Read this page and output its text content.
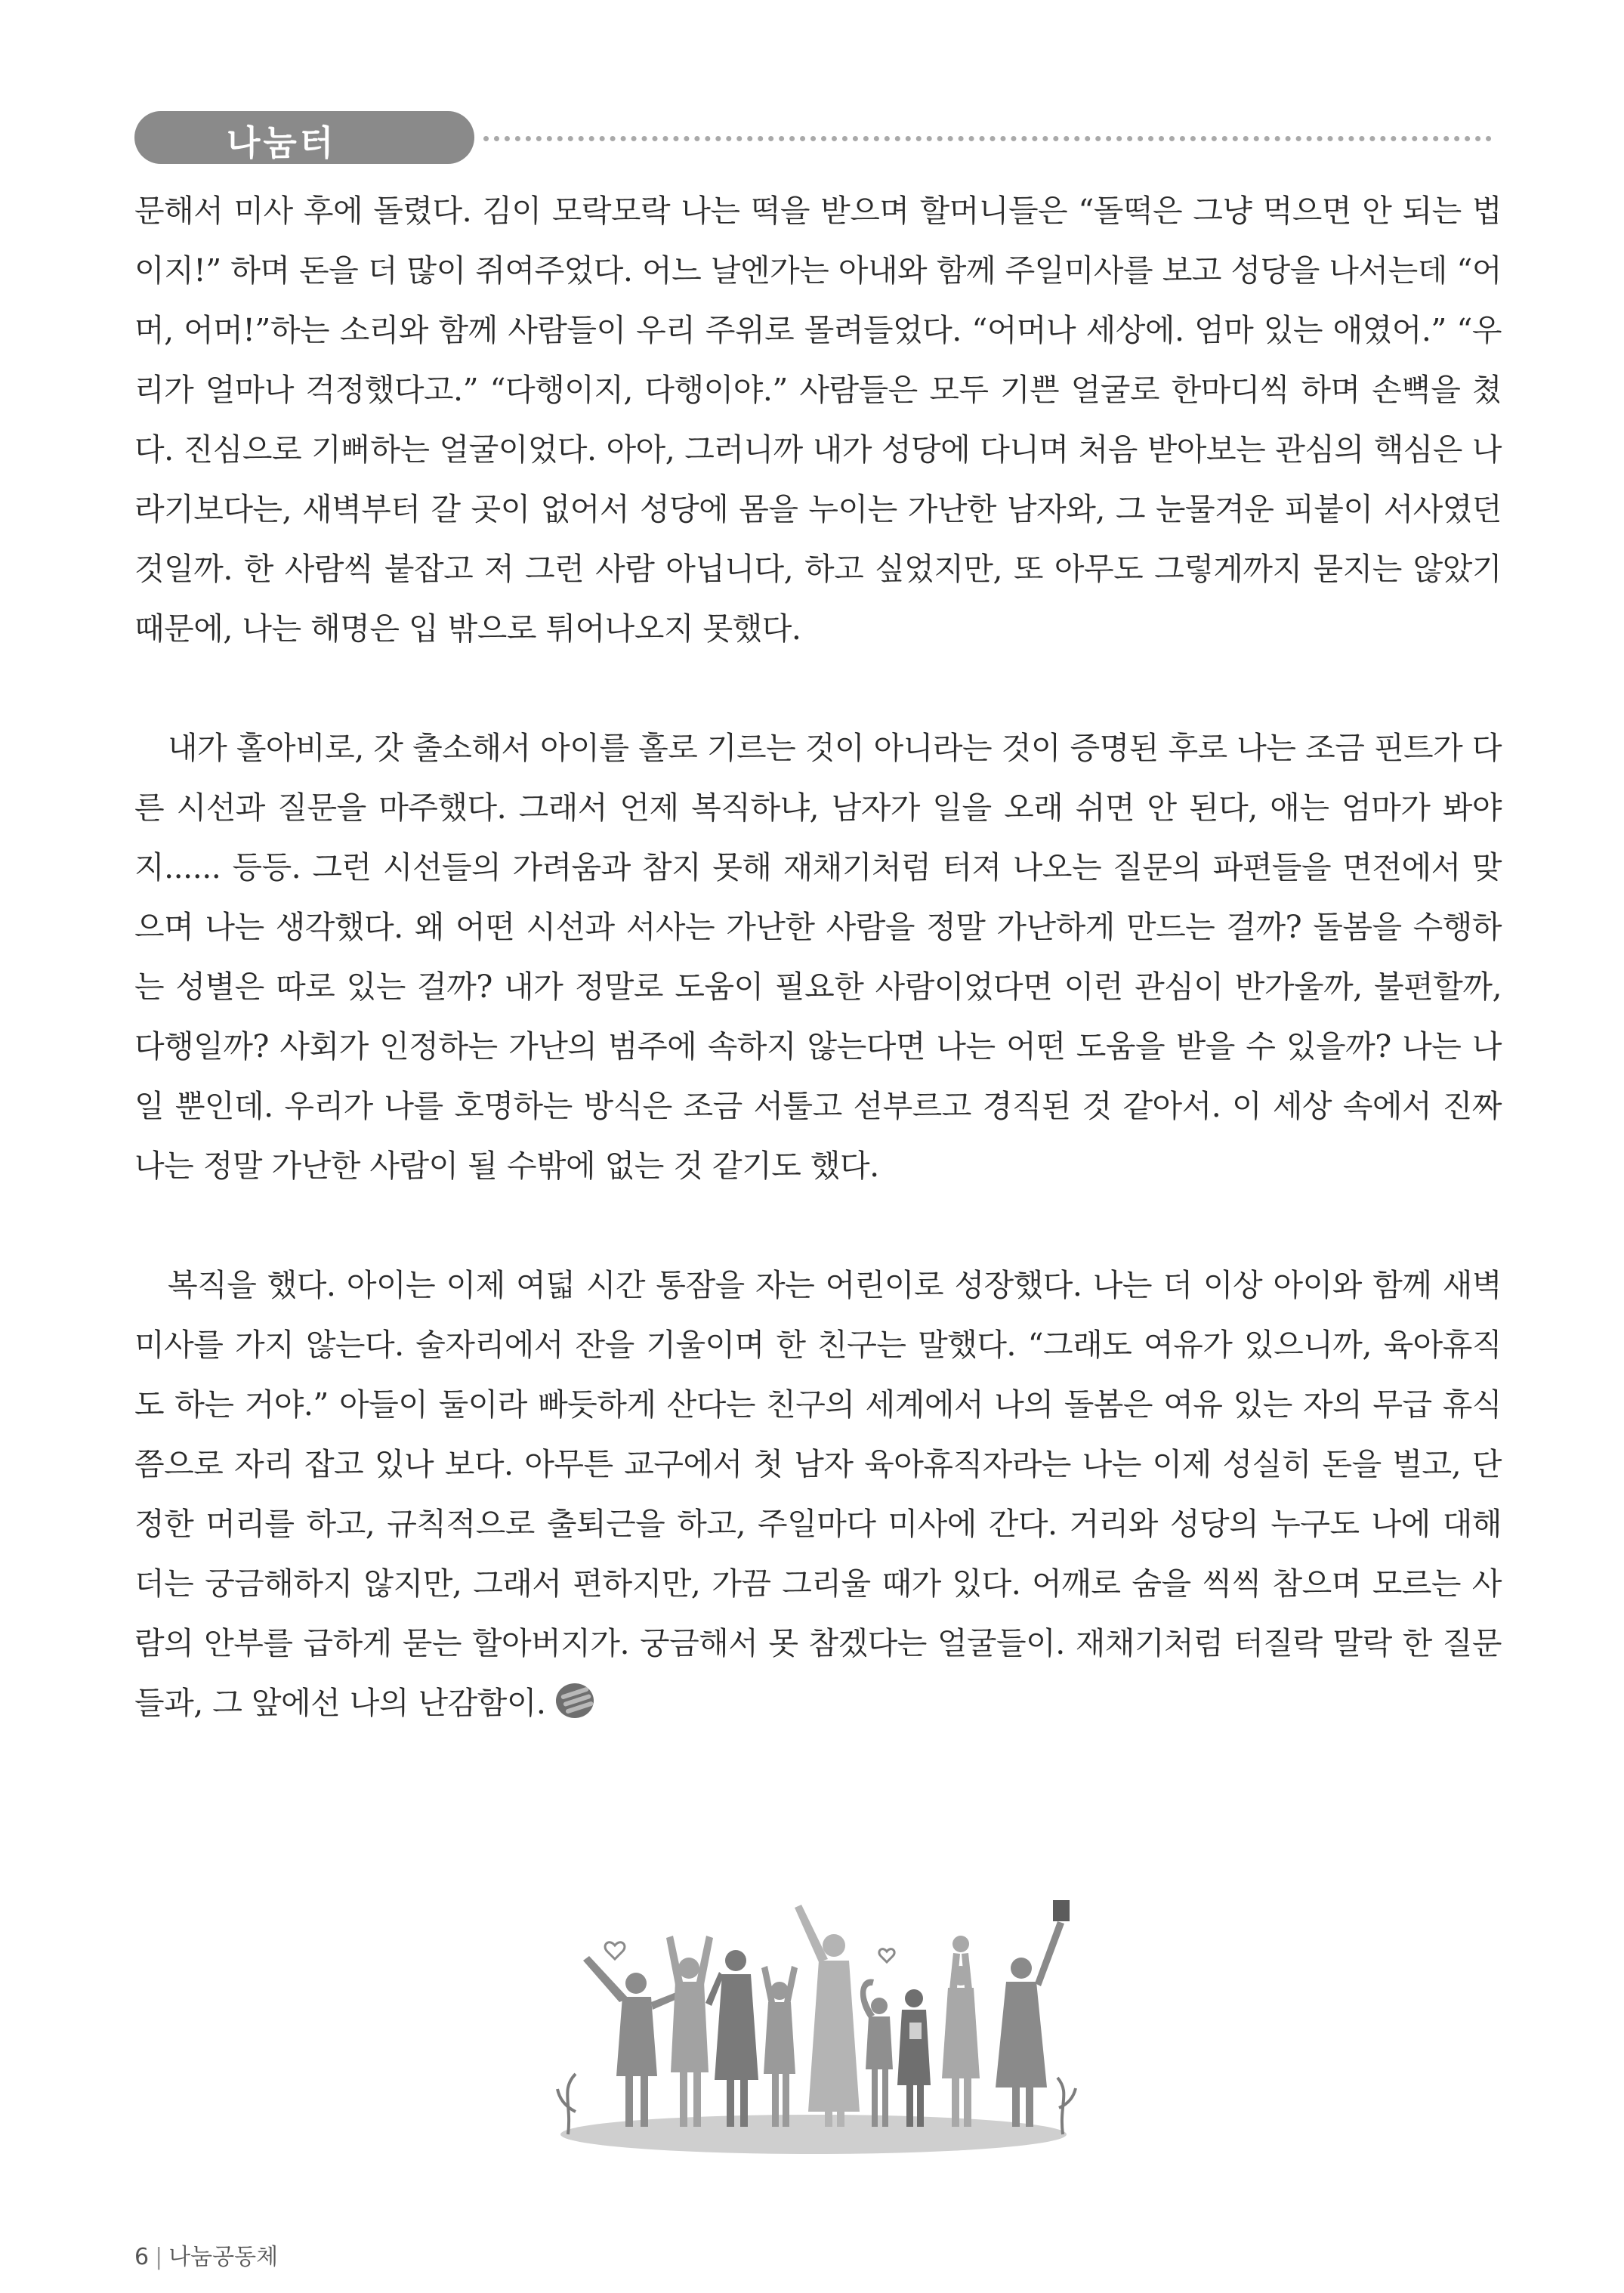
나눔터

문해서 미사 후에 돌렸다. 김이 모락모락 나는 떡을 받으며 할머니들은 “돌떡은 그냥 먹으면 안 되는 법이지!” 하며 돈을 더 많이 쥐여주었다. 어느 날엔가는 아내와 함께 주일미사를 보고 성당을 나서는데 “어머, 어머!”하는 소리와 함께 사람들이 우리 주위로 몰려들었다. “어머나 세상에. 엄마 있는 애였어.” “우리가 얼마나 걱정했다고.” “다행이지, 다행이야.” 사람들은 모두 기쁜 얼굴로 한마디씩 하며 손뼉을 쳤다. 진심으로 기뻐하는 얼굴이었다. 아아, 그러니까 내가 성당에 다니며 처음 받아보는 관심의 핵심은 나라기보다는, 새벽부터 갈 곳이 없어서 성당에 몸을 누이는 가난한 남자와, 그 눈물겨운 피붙이 서사였던 것일까. 한 사람씩 붙잡고 저 그런 사람 아닙니다, 하고 싶었지만, 또 아무도 그렇게까지 묻지는 않았기 때문에, 나는 해명은 입 밖으로 튀어나오지 못했다.

내가 홀아비로, 갓 출소해서 아이를 홀로 기르는 것이 아니라는 것이 증명된 후로 나는 조금 핀트가 다른 시선과 질문을 마주했다. 그래서 언제 복직하냐, 남자가 일을 오래 쉬면 안 된다, 애는 엄마가 봐야지...... 등등. 그런 시선들의 가려움과 참지 못해 재채기처럼 터져 나오는 질문의 파편들을 면전에서 맞으며 나는 생각했다. 왜 어떤 시선과 서사는 가난한 사람을 정말 가난하게 만드는 걸까? 돌봄을 수행하는 성별은 따로 있는 걸까? 내가 정말로 도움이 필요한 사람이었다면 이런 관심이 반가울까, 불편할까, 다행일까? 사회가 인정하는 가난의 범주에 속하지 않는다면 나는 어떤 도움을 받을 수 있을까? 나는 나일 뿐인데. 우리가 나를 호명하는 방식은 조금 서툴고 섣부르고 경직된 것 같아서. 이 세상 속에서 진짜 나는 정말 가난한 사람이 될 수밖에 없는 것 같기도 했다.

복직을 했다. 아이는 이제 여덟 시간 통잠을 자는 어린이로 성장했다. 나는 더 이상 아이와 함께 새벽 미사를 가지 않는다. 술자리에서 잔을 기울이며 한 친구는 말했다. “그래도 여유가 있으니까, 육아휴직도 하는 거야.” 아들이 둘이라 빠듯하게 산다는 친구의 세계에서 나의 돌봄은 여유 있는 자의 무급 휴식쯤으로 자리 잡고 있나 보다. 아무튼 교구에서 첫 남자 육아휴직자라는 나는 이제 성실히 돈을 벌고, 단정한 머리를 하고, 규칙적으로 출퇴근을 하고, 주일마다 미사에 간다. 거리와 성당의 누구도 나에 대해 더는 궁금해하지 않지만, 그래서 편하지만, 가끔 그리울 때가 있다. 어깨로 숨을 씩씩 참으며 모르는 사람의 안부를 급하게 묻는 할아버지가. 궁금해서 못 참겠다는 얼굴들이. 재채기처럼 터질락 말락 한 질문들과, 그 앞에선 나의 난감함이.

6 | 나눔공동체
